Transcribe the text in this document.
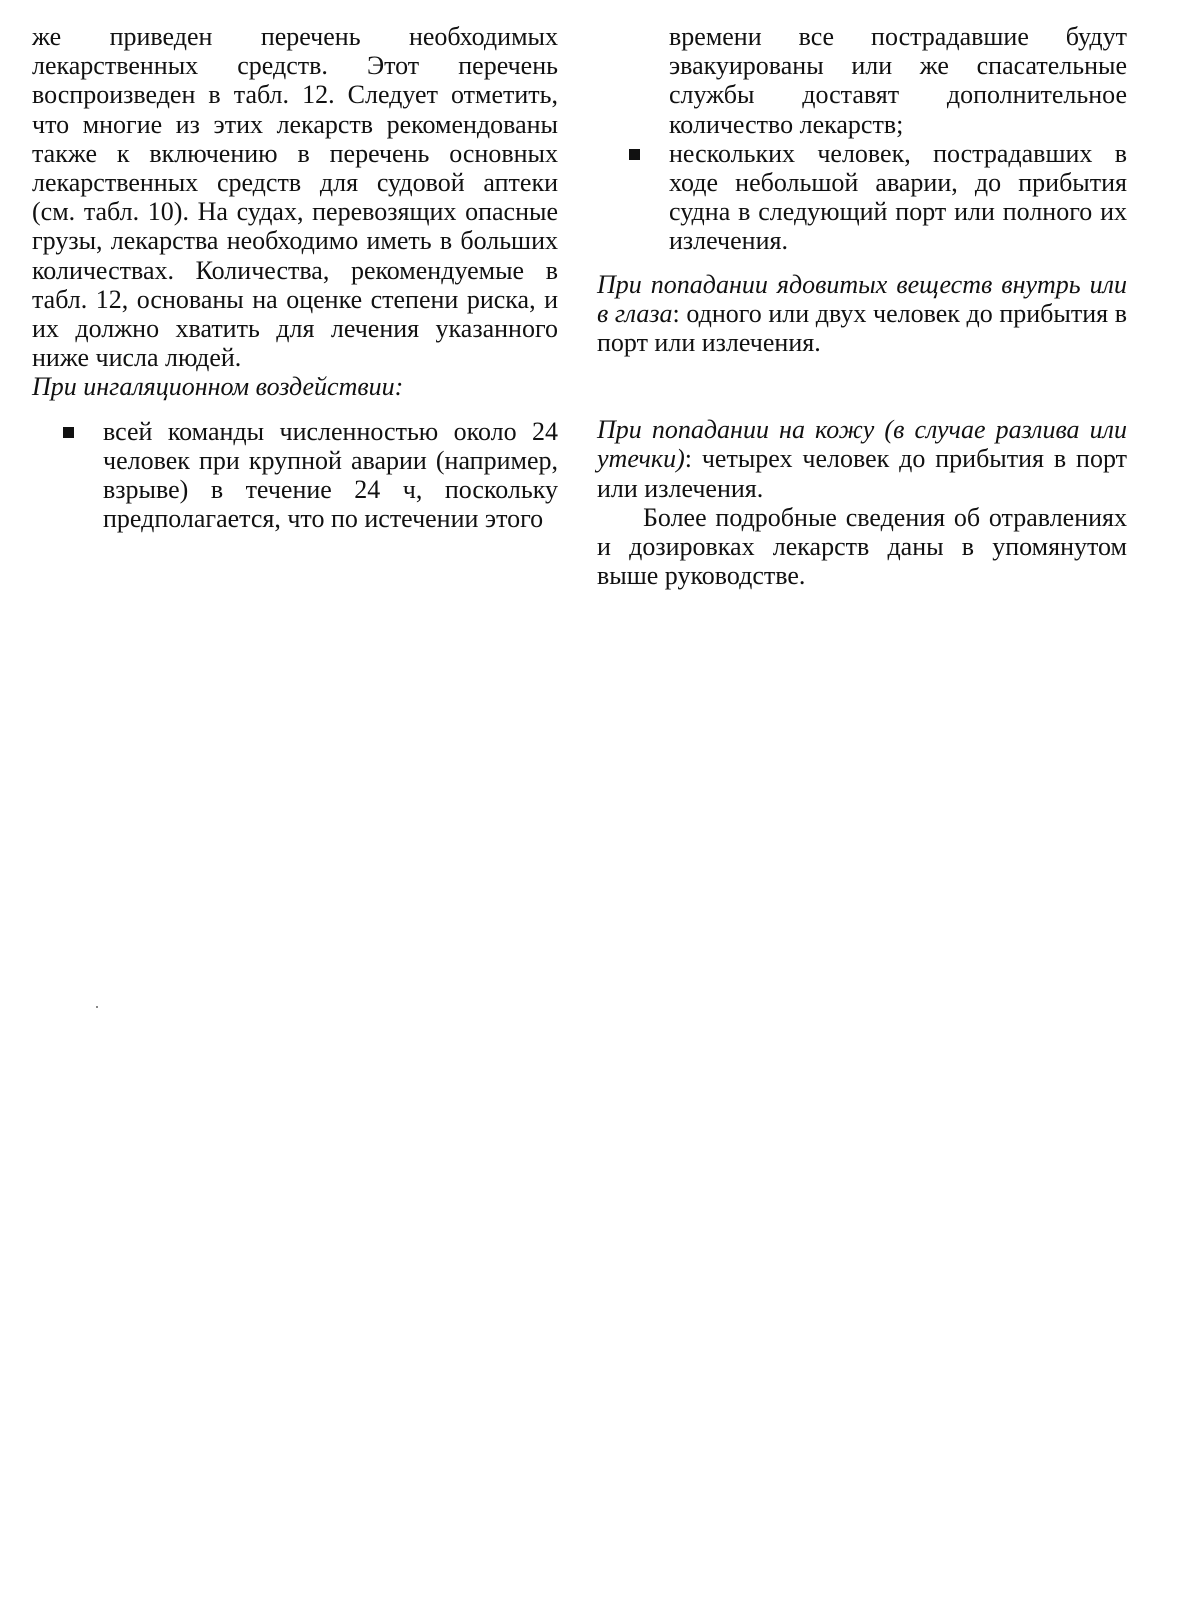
же приведен перечень необходимых лекарственных средств. Этот перечень воспроизведен в табл. 12. Следует отметить, что многие из этих лекарств рекомендованы также к включению в перечень основных лекарственных средств для судовой аптеки (см. табл. 10). На судах, перевозящих опасные грузы, лекарства необходимо иметь в больших количествах. Количества, рекомендуемые в табл. 12, основаны на оценке степени риска, и их должно хватить для лечения указанного ниже числа людей.

При ингаляционном воздействии:

всей команды численностью около 24 человек при крупной аварии (например, взрыве) в течение 24 ч, поскольку предполагается, что по истечении этого
времени все пострадавшие будут эвакуированы или же спасательные службы доставят дополнительное количество лекарств;
нескольких человек, пострадавших в ходе небольшой аварии, до прибытия судна в следующий порт или полного их излечения.

При попадании ядовитых веществ внутрь или в глаза: одного или двух человек до прибытия в порт или излечения.

При попадании на кожу (в случае разлива или утечки): четырех человек до прибытия в порт или излечения.

Более подробные сведения об отравлениях и дозировках лекарств даны в упомянутом выше руководстве.
